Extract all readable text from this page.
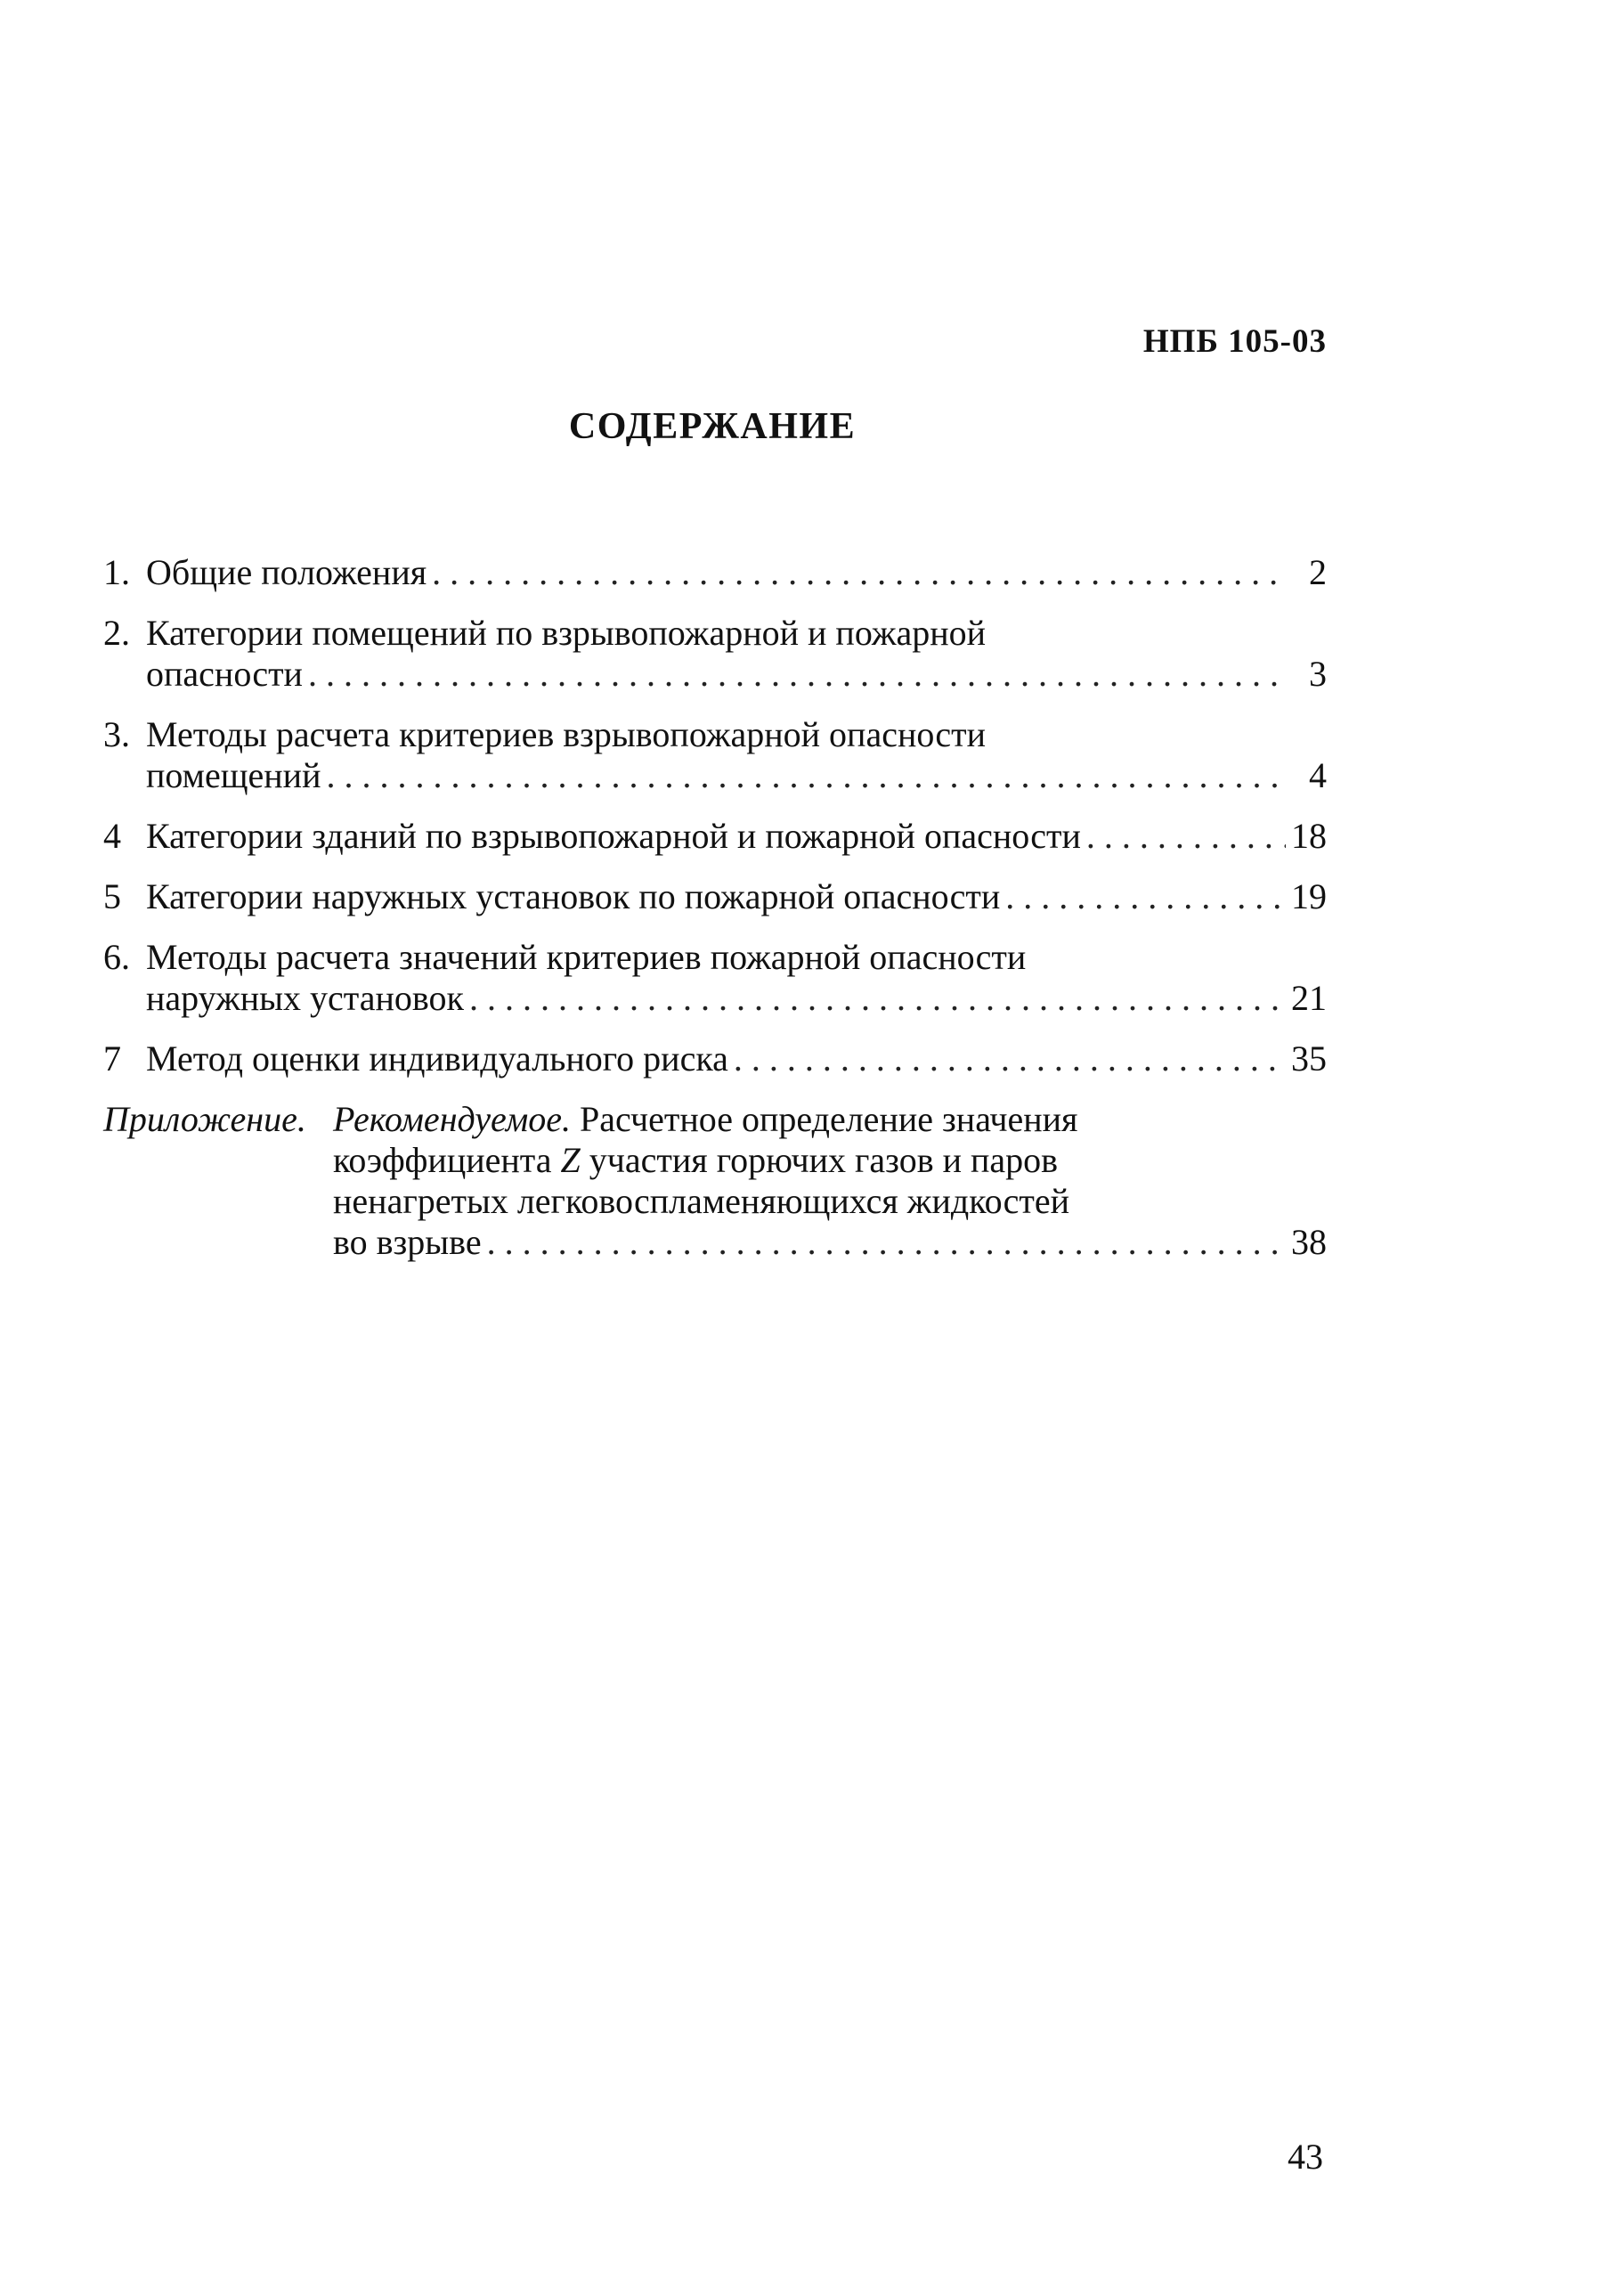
НПБ 105-03
СОДЕРЖАНИЕ
1. Общие положения . . .	2
2. Категории помещений по взрывопожарной и пожарной
опасности . . .	3
3. Методы расчета критериев взрывопожарной опасности
помещений . . .	4
4 Категории зданий по взрывопожарной и пожарной опасности . . .	18
5 Категории наружных установок по пожарной опасности . . .	19
6. Методы расчета значений критериев пожарной опасности
наружных установок . . .	21
7 Метод оценки индивидуального риска . . .	35
Приложение. Рекомендуемое. Расчетное определение значения
коэффициента Z участия горючих газов и паров
ненагретых легковоспламеняющихся жидкостей
во взрыве . . .	38
43
